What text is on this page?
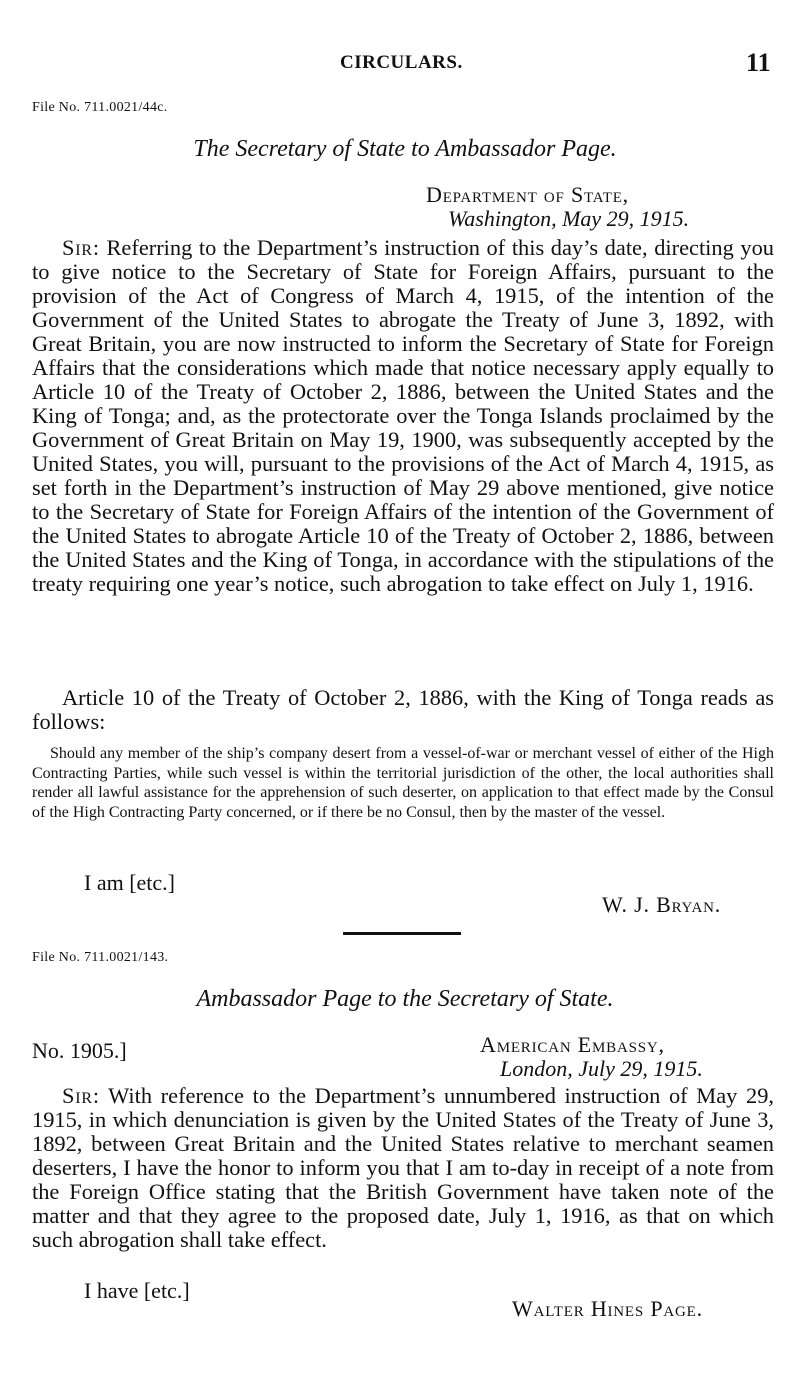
CIRCULARS.	11
File No. 711.0021/44c.
The Secretary of State to Ambassador Page.
Department of State,
Washington, May 29, 1915.

Sir: Referring to the Department’s instruction of this day’s date, directing you to give notice to the Secretary of State for Foreign Affairs, pursuant to the provision of the Act of Congress of March 4, 1915, of the intention of the Government of the United States to abrogate the Treaty of June 3, 1892, with Great Britain, you are now instructed to inform the Secretary of State for Foreign Affairs that the considerations which made that notice necessary apply equally to Article 10 of the Treaty of October 2, 1886, between the United States and the King of Tonga; and, as the protectorate over the Tonga Islands proclaimed by the Government of Great Britain on May 19, 1900, was subsequently accepted by the United States, you will, pursuant to the provisions of the Act of March 4, 1915, as set forth in the Department’s instruction of May 29 above mentioned, give notice to the Secretary of State for Foreign Affairs of the intention of the Government of the United States to abrogate Article 10 of the Treaty of October 2, 1886, between the United States and the King of Tonga, in accordance with the stipulations of the treaty requiring one year’s notice, such abrogation to take effect on July 1, 1916.

Article 10 of the Treaty of October 2, 1886, with the King of Tonga reads as follows:

Should any member of the ship’s company desert from a vessel-of-war or merchant vessel of either of the High Contracting Parties, while such vessel is within the territorial jurisdiction of the other, the local authorities shall render all lawful assistance for the apprehension of such deserter, on application to that effect made by the Consul of the High Contracting Party concerned, or if there be no Consul, then by the master of the vessel.

I am [etc.]
W. J. Bryan.
File No. 711.0021/143.
Ambassador Page to the Secretary of State.
No. 1905.]	American Embassy,
London, July 29, 1915.

Sir: With reference to the Department’s unnumbered instruction of May 29, 1915, in which denunciation is given by the United States of the Treaty of June 3, 1892, between Great Britain and the United States relative to merchant seamen deserters, I have the honor to inform you that I am to-day in receipt of a note from the Foreign Office stating that the British Government have taken note of the matter and that they agree to the proposed date, July 1, 1916, as that on which such abrogation shall take effect.

I have [etc.]
Walter Hines Page.
